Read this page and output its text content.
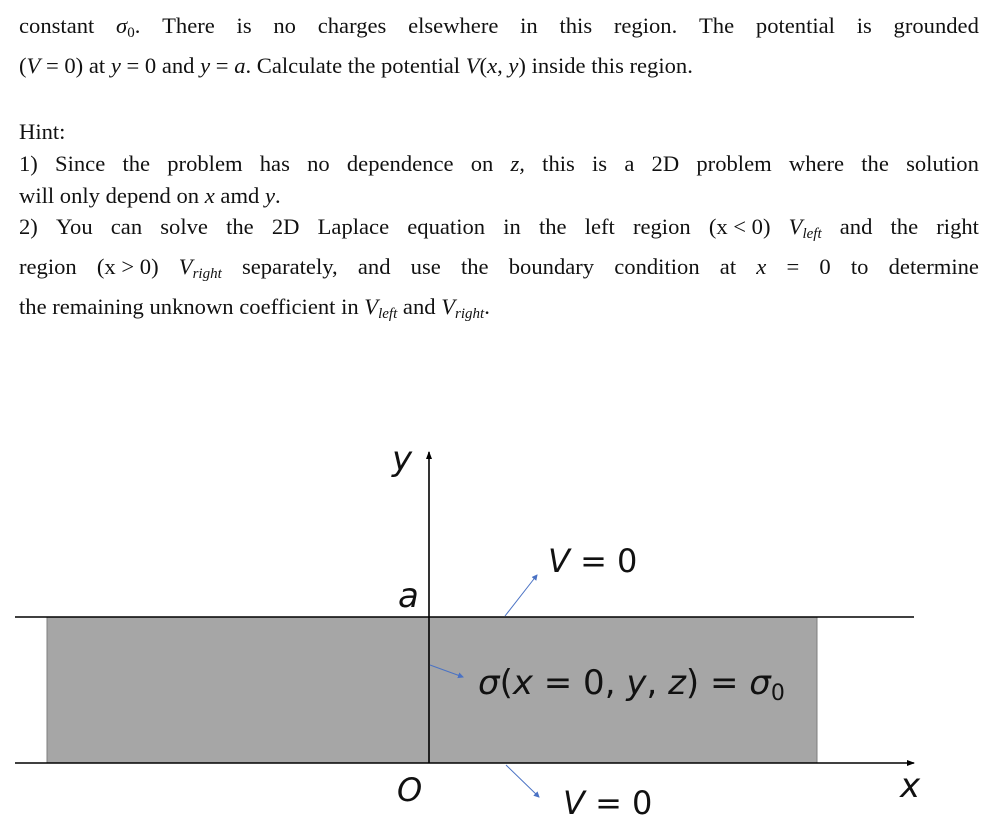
constant σ0. There is no charges elsewhere in this region. The potential is grounded
(V = 0) at y = 0 and y = a. Calculate the potential V(x, y) inside this region.
Hint:
1) Since the problem has no dependence on z, this is a 2D problem where the solution
will only depend on x amd y.
2) You can solve the 2D Laplace equation in the left region (x < 0) $V_{left}$ and the right
region (x > 0) $V_{right}$ separately, and use the boundary condition at x = 0 to determine
the remaining unknown coefficient in $V_{left}$ and $V_{right}$.
y
x
a
O
V = 0
V = 0
σ(x = 0, y, z) = σ0
